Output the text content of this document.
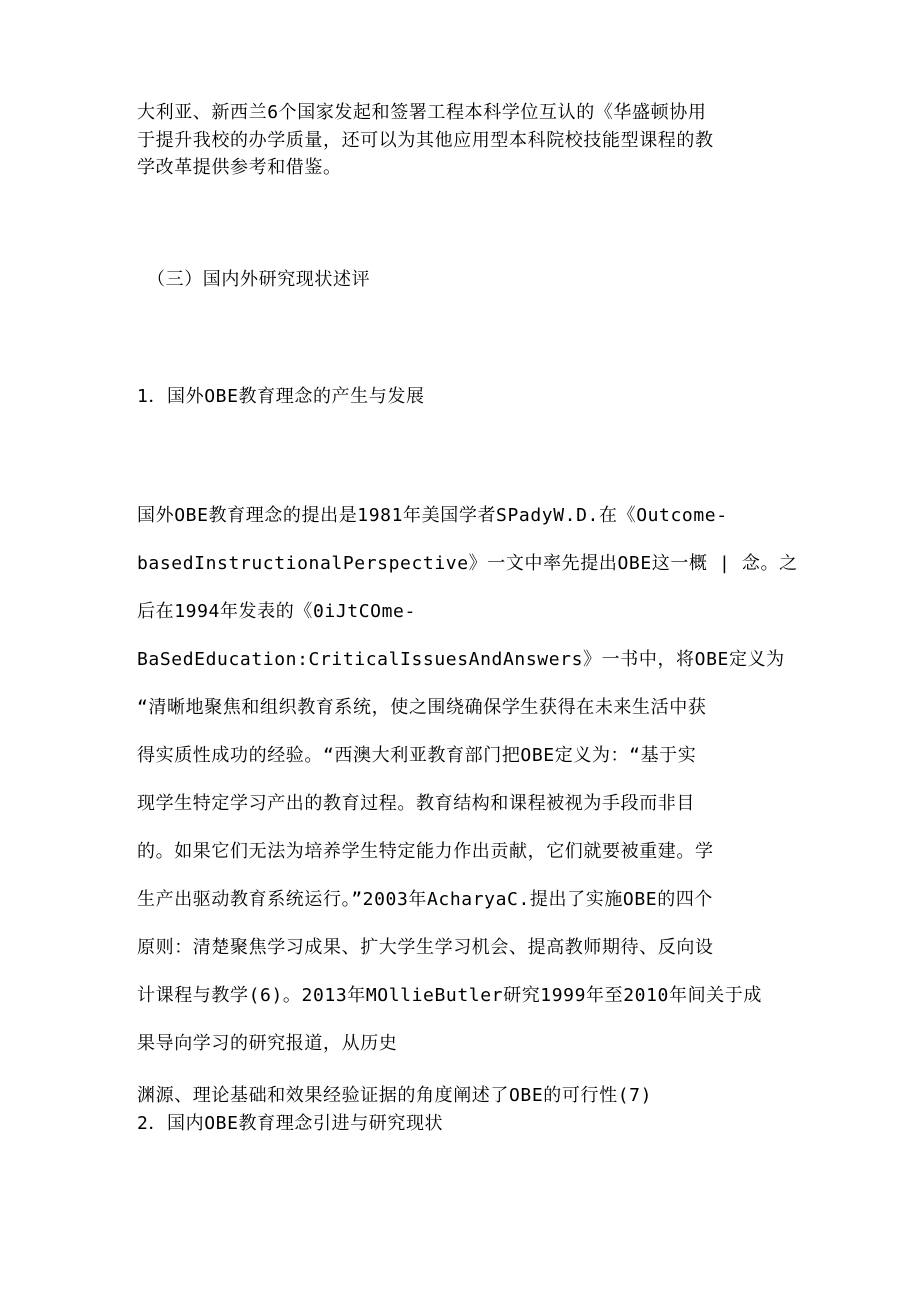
大利亚、新西兰6个国家发起和签署工程本科学位互认的《华盛顿协用
于提升我校的办学质量，还可以为其他应用型本科院校技能型课程的教
学改革提供参考和借鉴。
（三）国内外研究现状述评
1．国外OBE教育理念的产生与发展
国外OBE教育理念的提出是1981年美国学者SPadyW.D.在《Outcome-
basedInstructionalPerspective》一文中率先提出OBE这一概 | 念。之
后在1994年发表的《0iJtCOme-
BaSedEducation:CriticalIssuesAndAnswers》一书中，将OBE定义为
“清晰地聚焦和组织教育系统，使之围绕确保学生获得在未来生活中获
得实质性成功的经验。“西澳大利亚教育部门把OBE定义为：“基于实
现学生特定学习产出的教育过程。教育结构和课程被视为手段而非目
的。如果它们无法为培养学生特定能力作出贡献，它们就要被重建。学
生产出驱动教育系统运行。”2003年AcharyaC.提出了实施OBE的四个
原则：清楚聚焦学习成果、扩大学生学习机会、提高教师期待、反向设
计课程与教学(6)。2013年MOllieButler研究1999年至2010年间关于成
果导向学习的研究报道，从历史
渊源、理论基础和效果经验证据的角度阐述了OBE的可行性(7)
2．国内OBE教育理念引进与研究现状
